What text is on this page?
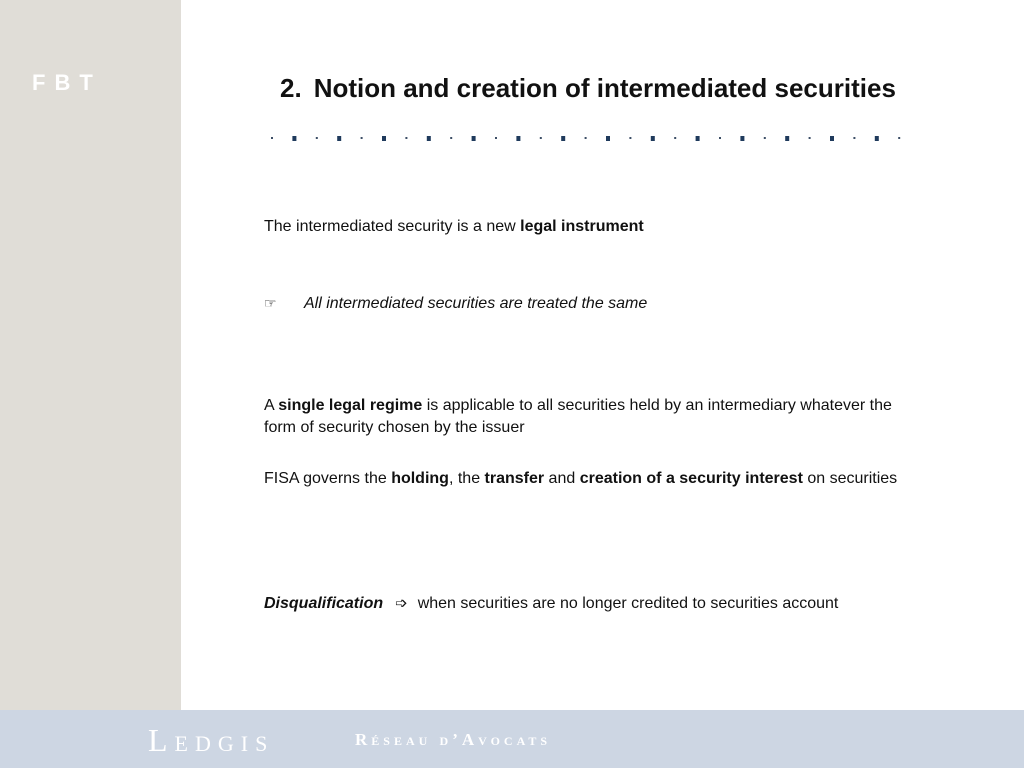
FBT	2. Notion and creation of intermediated securities
The intermediated security is a new legal instrument
☞ All intermediated securities are treated the same
A single legal regime is applicable to all securities held by an intermediary whatever the form of security chosen by the issuer
FISA governs the holding, the transfer and creation of a security interest on securities
Disqualification ➩ when securities are no longer credited to securities account
Ledgis	Réseau d’Avocats
